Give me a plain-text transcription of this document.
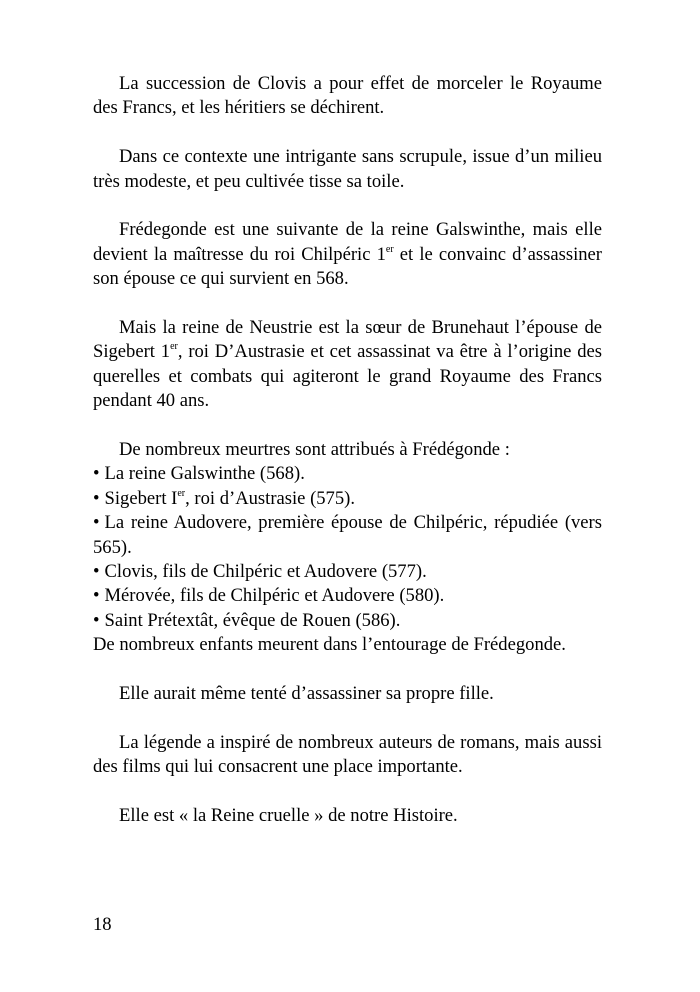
La succession de Clovis a pour effet de morceler le Royaume des Francs, et les héritiers se déchirent.

Dans ce contexte une intrigante sans scrupule, issue d’un milieu très modeste, et peu cultivée tisse sa toile.

Frédegonde est une suivante de la reine Galswinthe, mais elle devient la maîtresse du roi Chilpéric 1er et le convainc d’assassiner son épouse ce qui survient en 568.

Mais la reine de Neustrie est la sœur de Brunehaut l’épouse de Sigebert 1er, roi D’Austrasie et cet assassinat va être à l’origine des querelles et combats qui agiteront le grand Royaume des Francs pendant 40 ans.

De nombreux meurtres sont attribués à Frédégonde :

• La reine Galswinthe (568).
• Sigebert Ier, roi d’Austrasie (575).
• La reine Audovere, première épouse de Chilpéric, répudiée (vers 565).
• Clovis, fils de Chilpéric et Audovere (577).
• Mérovée, fils de Chilpéric et Audovere (580).
• Saint Prétextât, évêque de Rouen (586).

De nombreux enfants meurent dans l’entourage de Frédegonde.

Elle aurait même tenté d’assassiner sa propre fille.

La légende a inspiré de nombreux auteurs de romans, mais aussi des films qui lui consacrent une place importante.

Elle est « la Reine cruelle » de notre Histoire.

18
